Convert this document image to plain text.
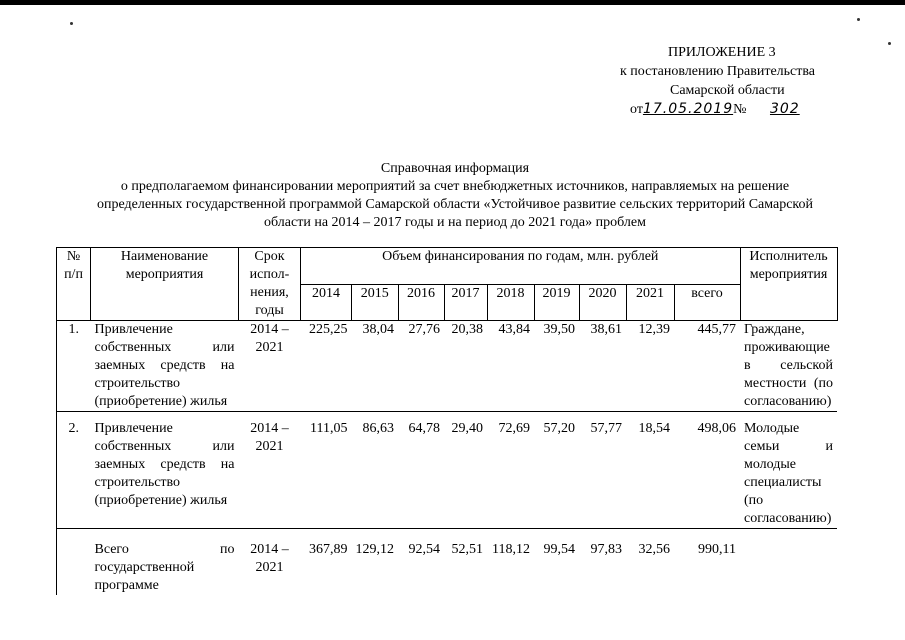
ПРИЛОЖЕНИЕ 3
к постановлению Правительства
Самарской области
от17.05.2019№ 302
Справочная информация
о предполагаемом финансировании мероприятий за счет внебюджетных источников, направляемых на решение
определенных государственной программой Самарской области «Устойчивое развитие сельских территорий Самарской
области на 2014 – 2017 годы и на период до 2021 года» проблем
№ п/п	Наименование мероприятия	Срок испол- нения, годы	Объем финансирования по годам, млн. рублей									Исполнитель мероприятия
			2014	2015	2016	2017	2018	2019	2020	2021	всего	
1.	Привлечение собственных или заемных средств на строительство (приобретение) жилья	2014 – 2021	225,25	38,04	27,76	20,38	43,84	39,50	38,61	12,39	445,77	Граждане, проживающие в сельской местности (по согласованию)
2.	Привлечение собственных или заемных средств на строительство (приобретение) жилья	2014 – 2021	111,05	86,63	64,78	29,40	72,69	57,20	57,77	18,54	498,06	Молодые семьи и молодые специалисты (по согласованию)
	Всего по государственной программе	2014 – 2021	367,89	129,12	92,54	52,51	118,12	99,54	97,83	32,56	990,11	
